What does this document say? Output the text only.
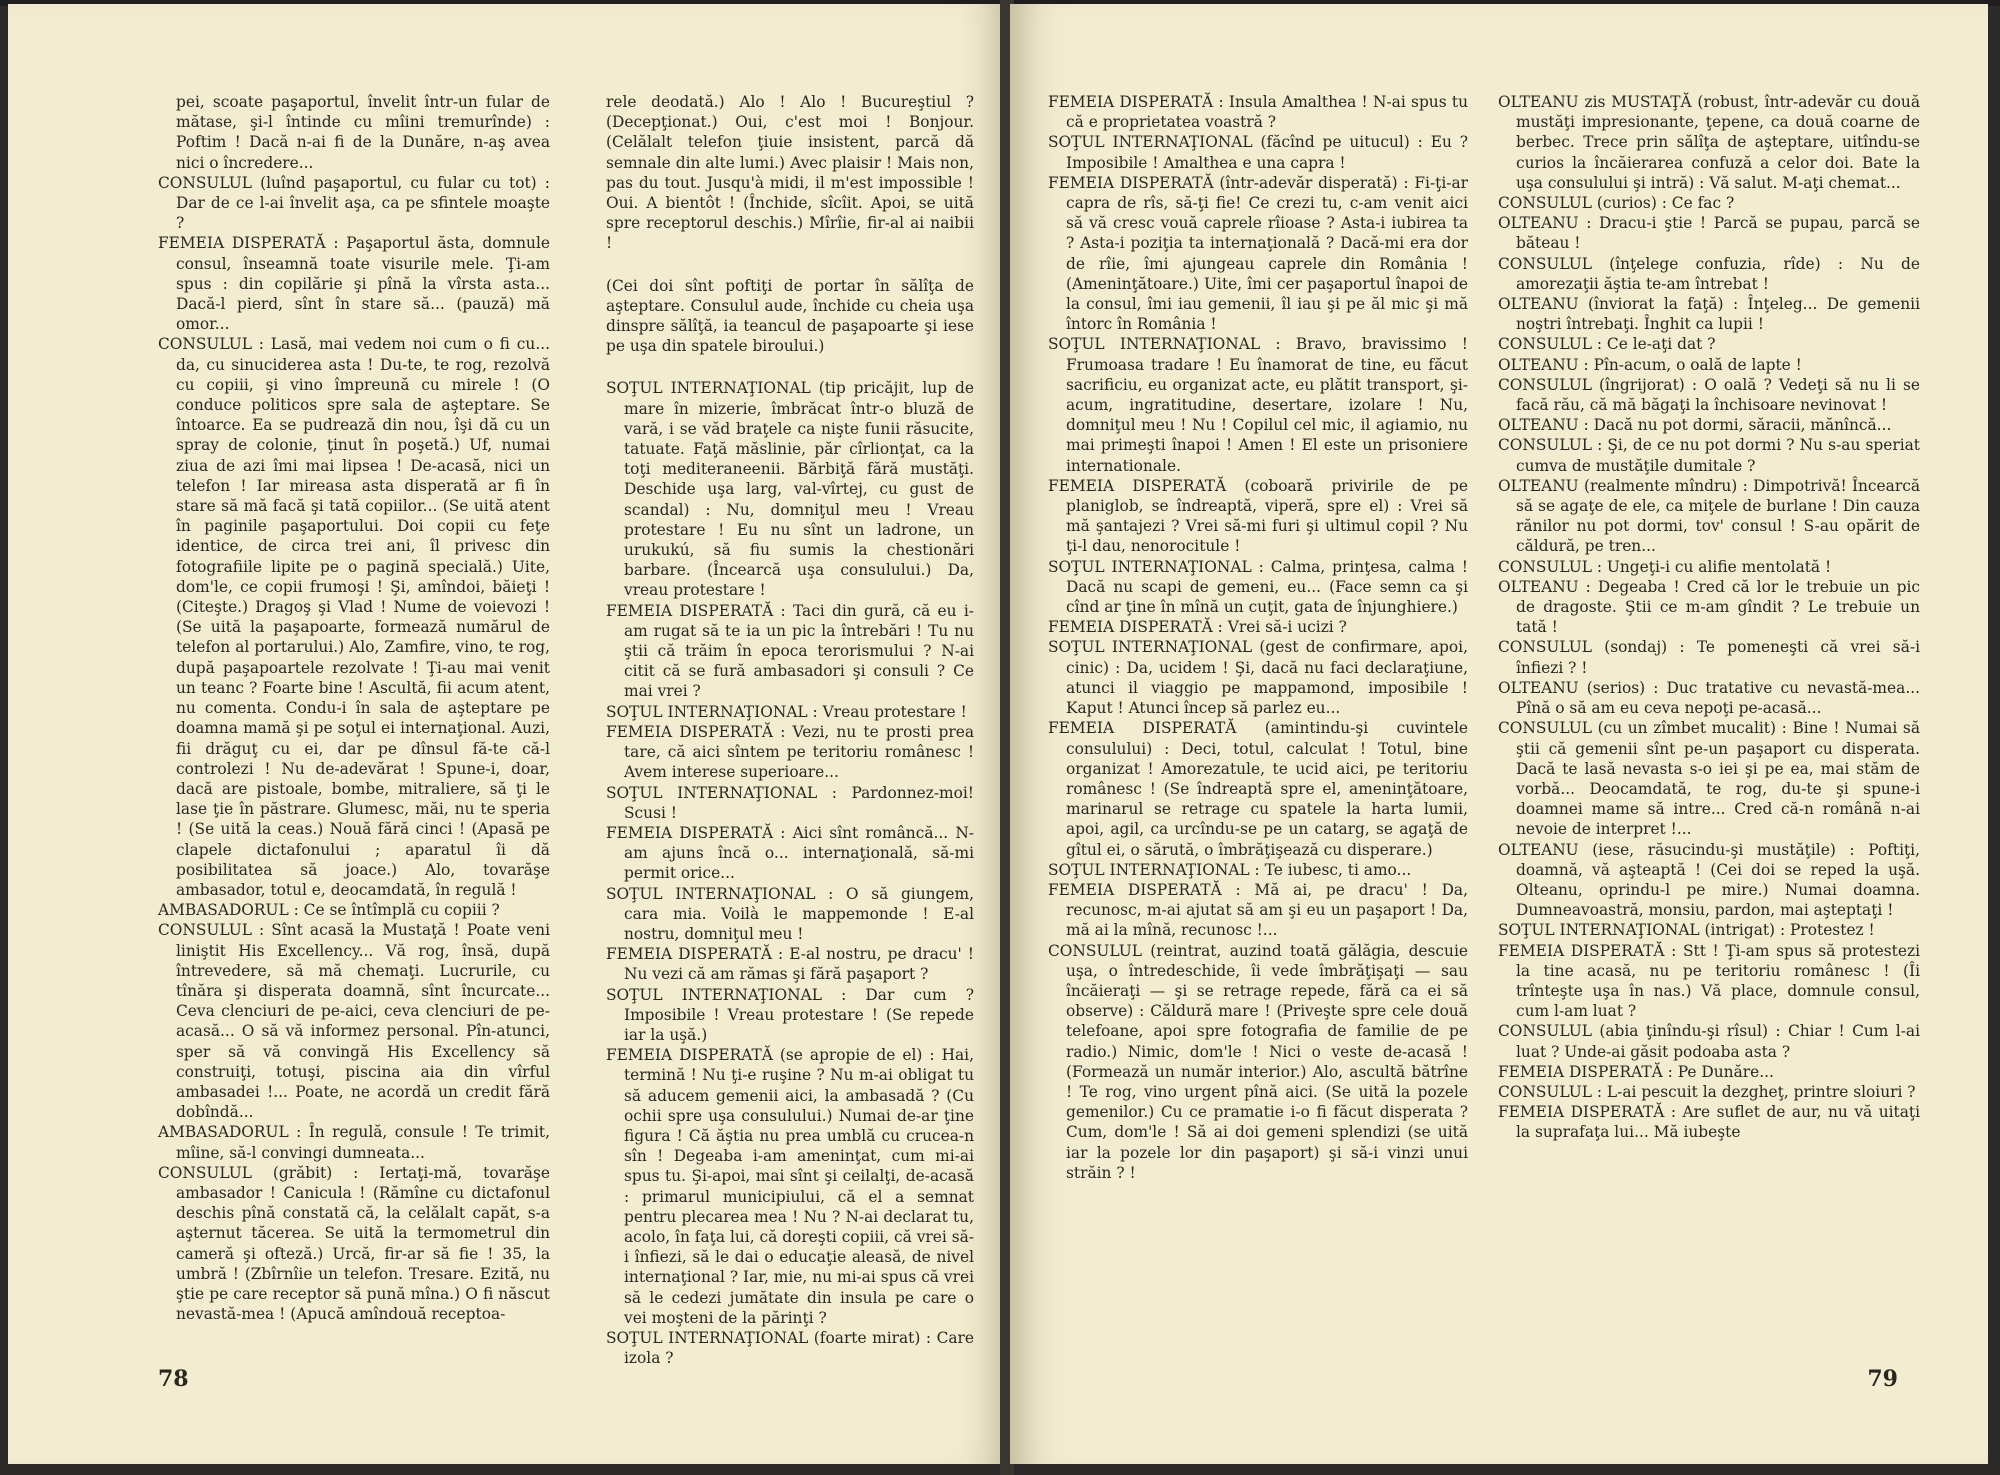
pei, scoate paşaportul, învelit într-un fular de mătase, şi-l întinde cu mîini tremurînde) : Poftim ! Dacă n-ai fi de la Dunăre, n-aş avea nici o încredere...

CONSULUL (luînd paşaportul, cu fular cu tot) : Dar de ce l-ai învelit aşa, ca pe sfintele moaşte ?

FEMEIA DISPERATĂ : Paşaportul ăsta, domnule consul, înseamnă toate visurile mele. Ţi-am spus : din copilărie şi pînă la vîrsta asta... Dacă-l pierd, sînt în stare să... (pauză) mă omor...

CONSULUL : Lasă, mai vedem noi cum o fi cu... da, cu sinuciderea asta ! Du-te, te rog, rezolvă cu copiii, şi vino împreună cu mirele ! (O conduce politicos spre sala de aşteptare. Se întoarce. Ea se pudrează din nou, îşi dă cu un spray de colonie, ţinut în poşetă.) Uf, numai ziua de azi îmi mai lipsea ! De-acasă, nici un telefon ! Iar mireasa asta disperată ar fi în stare să mă facă şi tată copiilor... (Se uită atent în paginile paşaportului. Doi copii cu feţe identice, de circa trei ani, îl privesc din fotografiile lipite pe o pagină specială.) Uite, dom'le, ce copii frumoşi ! Şi, amîndoi, băieţi ! (Citeşte.) Dragoş şi Vlad ! Nume de voievozi ! (Se uită la paşapoarte, formează numărul de telefon al portarului.) Alo, Zamfire, vino, te rog, după paşapoartele rezolvate ! Ţi-au mai venit un teanc ? Foarte bine ! Ascultă, fii acum atent, nu comenta. Condu-i în sala de aşteptare pe doamna mamă şi pe soţul ei internaţional. Auzi, fii drăguţ cu ei, dar pe dînsul fă-te că-l controlezi ! Nu de-adevărat ! Spune-i, doar, dacă are pistoale, bombe, mitraliere, să ţi le lase ţie în păstrare. Glumesc, măi, nu te speria ! (Se uită la ceas.) Nouă fără cinci ! (Apasă pe clapele dictafonului ; aparatul îi dă posibilitatea să joace.) Alo, tovarăşe ambasador, totul e, deocamdată, în regulă !

AMBASADORUL : Ce se întîmplă cu copiii ?

CONSULUL : Sînt acasă la Mustaţă ! Poate veni liniştit His Excellency... Vă rog, însă, după întrevedere, să mă chemaţi. Lucrurile, cu tînăra şi disperata doamnă, sînt încurcate... Ceva clenciuri de pe-aici, ceva clenciuri de pe-acasă... O să vă informez personal. Pîn-atunci, sper să vă convingă His Excellency să construiţi, totuşi, piscina aia din vîrful ambasadei !... Poate, ne acordă un credit fără dobîndă...

AMBASADORUL : În regulă, consule ! Te trimit, mîine, să-l convingi dumneata...

CONSULUL (grăbit) : Iertaţi-mă, tovarăşe ambasador ! Canicula ! (Rămîne cu dictafonul deschis pînă constată că, la celălalt capăt, s-a aşternut tăcerea. Se uită la termometrul din cameră şi ofteză.) Urcă, fir-ar să fie ! 35, la umbră ! (Zbîrnîie un telefon. Tresare. Ezită, nu ştie pe care receptor să pună mîna.) O fi născut nevastă-mea ! (Apucă amîndouă receptoa-

rele deodată.) Alo ! Alo ! Bucureştiul ? (Decepţionat.) Oui, c'est moi ! Bonjour. (Celălalt telefon ţiuie insistent, parcă dă semnale din alte lumi.) Avec plaisir ! Mais non, pas du tout. Jusqu'à midi, il m'est impossible ! Oui. A bientôt ! (Închide, sîcîit. Apoi, se uită spre receptorul deschis.) Mîrîie, fir-al ai naibii !

(Cei doi sînt poftiţi de portar în sălîţa de aşteptare. Consulul aude, închide cu cheia uşa dinspre sălîţă, ia teancul de paşapoarte şi iese pe uşa din spatele biroului.)

SOŢUL INTERNAŢIONAL (tip pricăjit, lup de mare în mizerie, îmbrăcat într-o bluză de vară, i se văd braţele ca nişte funii răsucite, tatuate. Faţă măslinie, păr cîrlionţat, ca la toţi mediteraneenii. Bărbiţă fără mustăţi. Deschide uşa larg, val-vîrtej, cu gust de scandal) : Nu, domniţul meu ! Vreau protestare ! Eu nu sînt un ladrone, un urukukú, să fiu sumis la chestionări barbare. (Încearcă uşa consulului.) Da, vreau protestare !

FEMEIA DISPERATĂ : Taci din gură, că eu i-am rugat să te ia un pic la întrebări ! Tu nu ştii că trăim în epoca terorismului ? N-ai citit că se fură ambasadori şi consuli ? Ce mai vrei ?

SOŢUL INTERNAŢIONAL : Vreau protestare !

FEMEIA DISPERATĂ : Vezi, nu te prosti prea tare, că aici sîntem pe teritoriu românesc ! Avem interese superioare...

SOŢUL INTERNAŢIONAL : Pardonnez-moi! Scusi !

FEMEIA DISPERATĂ : Aici sînt româncă... N-am ajuns încă o... internaţională, să-mi permit orice...

SOŢUL INTERNAŢIONAL : O să giungem, cara mia. Voilà le mappemonde ! E-al nostru, domniţul meu !

FEMEIA DISPERATĂ : E-al nostru, pe dracu' ! Nu vezi că am rămas şi fără paşaport ?

SOŢUL INTERNAŢIONAL : Dar cum ? Imposibile ! Vreau protestare ! (Se repede iar la uşă.)

FEMEIA DISPERATĂ (se apropie de el) : Hai, termină ! Nu ţi-e ruşine ? Nu m-ai obligat tu să aducem gemenii aici, la ambasadă ? (Cu ochii spre uşa consulului.) Numai de-ar ţine figura ! Că ăştia nu prea umblă cu crucea-n sîn ! Degeaba i-am ameninţat, cum mi-ai spus tu. Şi-apoi, mai sînt şi ceilalţi, de-acasă : primarul municipiului, că el a semnat pentru plecarea mea ! Nu ? N-ai declarat tu, acolo, în faţa lui, că doreşti copiii, că vrei să-i înfiezi, să le dai o educaţie aleasă, de nivel internaţional ? Iar, mie, nu mi-ai spus că vrei să le cedezi jumătate din insula pe care o vei moşteni de la părinţi ?

SOŢUL INTERNAŢIONAL (foarte mirat) : Care izola ?

78

FEMEIA DISPERATĂ : Insula Amalthea ! N-ai spus tu că e proprietatea voastră ?

SOŢUL INTERNAŢIONAL (făcînd pe uitucul) : Eu ? Imposibile ! Amalthea e una capra !

FEMEIA DISPERATĂ (într-adevăr disperată) : Fi-ţi-ar capra de rîs, să-ţi fie! Ce crezi tu, c-am venit aici să vă cresc vouă caprele rîioase ? Asta-i iubirea ta ? Asta-i poziţia ta internaţională ? Dacă-mi era dor de rîie, îmi ajungeau caprele din România ! (Ameninţătoare.) Uite, îmi cer paşaportul înapoi de la consul, îmi iau gemenii, îl iau şi pe ăl mic şi mă întorc în România !

SOŢUL INTERNAŢIONAL : Bravo, bravissimo ! Frumoasa tradare ! Eu înamorat de tine, eu făcut sacrificiu, eu organizat acte, eu plătit transport, şi-acum, ingratitudine, desertare, izolare ! Nu, domniţul meu ! Nu ! Copilul cel mic, il agiamio, nu mai primeşti înapoi ! Amen ! El este un prisoniere internationale.

FEMEIA DISPERATĂ (coboară privirile de pe planiglob, se îndreaptă, viperă, spre el) : Vrei să mă şantajezi ? Vrei să-mi furi şi ultimul copil ? Nu ţi-l dau, nenorocitule !

SOŢUL INTERNAŢIONAL : Calma, prinţesa, calma ! Dacă nu scapi de gemeni, eu... (Face semn ca şi cînd ar ţine în mînă un cuţit, gata de înjunghiere.)

FEMEIA DISPERATĂ : Vrei să-i ucizi ?

SOŢUL INTERNAŢIONAL (gest de confirmare, apoi, cinic) : Da, ucidem ! Şi, dacă nu faci declaraţiune, atunci il viaggio pe mappamond, imposibile ! Kaput ! Atunci încep să parlez eu...

FEMEIA DISPERATĂ (amintindu-şi cuvintele consulului) : Deci, totul, calculat ! Totul, bine organizat ! Amorezatule, te ucid aici, pe teritoriu românesc ! (Se îndreaptă spre el, ameninţătoare, marinarul se retrage cu spatele la harta lumii, apoi, agil, ca urcîndu-se pe un catarg, se agaţă de gîtul ei, o sărută, o îmbrăţişează cu disperare.)

SOŢUL INTERNAŢIONAL : Te iubesc, ti amo...

FEMEIA DISPERATĂ : Mă ai, pe dracu' ! Da, recunosc, m-ai ajutat să am şi eu un paşaport ! Da, mă ai la mînă, recunosc !...

CONSULUL (reintrat, auzind toată gălăgia, descuie uşa, o întredeschide, îi vede îmbrăţişaţi — sau încăieraţi — şi se retrage repede, fără ca ei să observe) : Căldură mare ! (Priveşte spre cele două telefoane, apoi spre fotografia de familie de pe radio.) Nimic, dom'le ! Nici o veste de-acasă ! (Formează un număr interior.) Alo, ascultă bătrîne ! Te rog, vino urgent pînă aici. (Se uită la pozele gemenilor.) Cu ce pramatie i-o fi făcut disperata ? Cum, dom'le ! Să ai doi gemeni splendizi (se uită iar la pozele lor din paşaport) şi să-i vinzi unui străin ? !

OLTEANU zis MUSTAŢĂ (robust, într-adevăr cu două mustăţi impresionante, ţepene, ca două coarne de berbec. Trece prin sălîţa de aşteptare, uitîndu-se curios la încăierarea confuză a celor doi. Bate la uşa consulului şi intră) : Vă salut. M-aţi chemat...

CONSULUL (curios) : Ce fac ?

OLTEANU : Dracu-i ştie ! Parcă se pupau, parcă se băteau !

CONSULUL (înţelege confuzia, rîde) : Nu de amorezaţii ăştia te-am întrebat !

OLTEANU (înviorat la faţă) : Înţeleg... De gemenii noştri întrebaţi. Înghit ca lupii !

CONSULUL : Ce le-aţi dat ?

OLTEANU : Pîn-acum, o oală de lapte !

CONSULUL (îngrijorat) : O oală ? Vedeţi să nu li se facă rău, că mă băgaţi la închisoare nevinovat !

OLTEANU : Dacă nu pot dormi, săracii, mănîncă...

CONSULUL : Şi, de ce nu pot dormi ? Nu s-au speriat cumva de mustăţile dumitale ?

OLTEANU (realmente mîndru) : Dimpotrivă! Încearcă să se agaţe de ele, ca miţele de burlane ! Din cauza rănilor nu pot dormi, tov' consul ! S-au opărit de căldură, pe tren...

CONSULUL : Ungeţi-i cu alifie mentolată !

OLTEANU : Degeaba ! Cred că lor le trebuie un pic de dragoste. Ştii ce m-am gîndit ? Le trebuie un tată !

CONSULUL (sondaj) : Te pomeneşti că vrei să-i înfiezi ? !

OLTEANU (serios) : Duc tratative cu nevastă-mea... Pînă o să am eu ceva nepoţi pe-acasă...

CONSULUL (cu un zîmbet mucalit) : Bine ! Numai să ştii că gemenii sînt pe-un paşaport cu disperata. Dacă te lasă nevasta s-o iei şi pe ea, mai stăm de vorbă... Deocamdată, te rog, du-te şi spune-i doamnei mame să intre... Cred că-n românã n-ai nevoie de interpret !...

OLTEANU (iese, răsucindu-şi mustăţile) : Poftiţi, doamnă, vă aşteaptă ! (Cei doi se reped la uşă. Olteanu, oprindu-l pe mire.) Numai doamna. Dumneavoastră, monsiu, pardon, mai aşteptaţi !

SOŢUL INTERNAŢIONAL (intrigat) : Protestez !

FEMEIA DISPERATĂ : Stt ! Ţi-am spus să protestezi la tine acasă, nu pe teritoriu românesc ! (Îi trînteşte uşa în nas.) Vă place, domnule consul, cum l-am luat ?

CONSULUL (abia ţinîndu-şi rîsul) : Chiar ! Cum l-ai luat ? Unde-ai găsit podoaba asta ?

FEMEIA DISPERATĂ : Pe Dunăre...

CONSULUL : L-ai pescuit la dezgheţ, printre sloiuri ?

FEMEIA DISPERATĂ : Are suflet de aur, nu vă uitaţi la suprafaţa lui... Mă iubeşte

79
